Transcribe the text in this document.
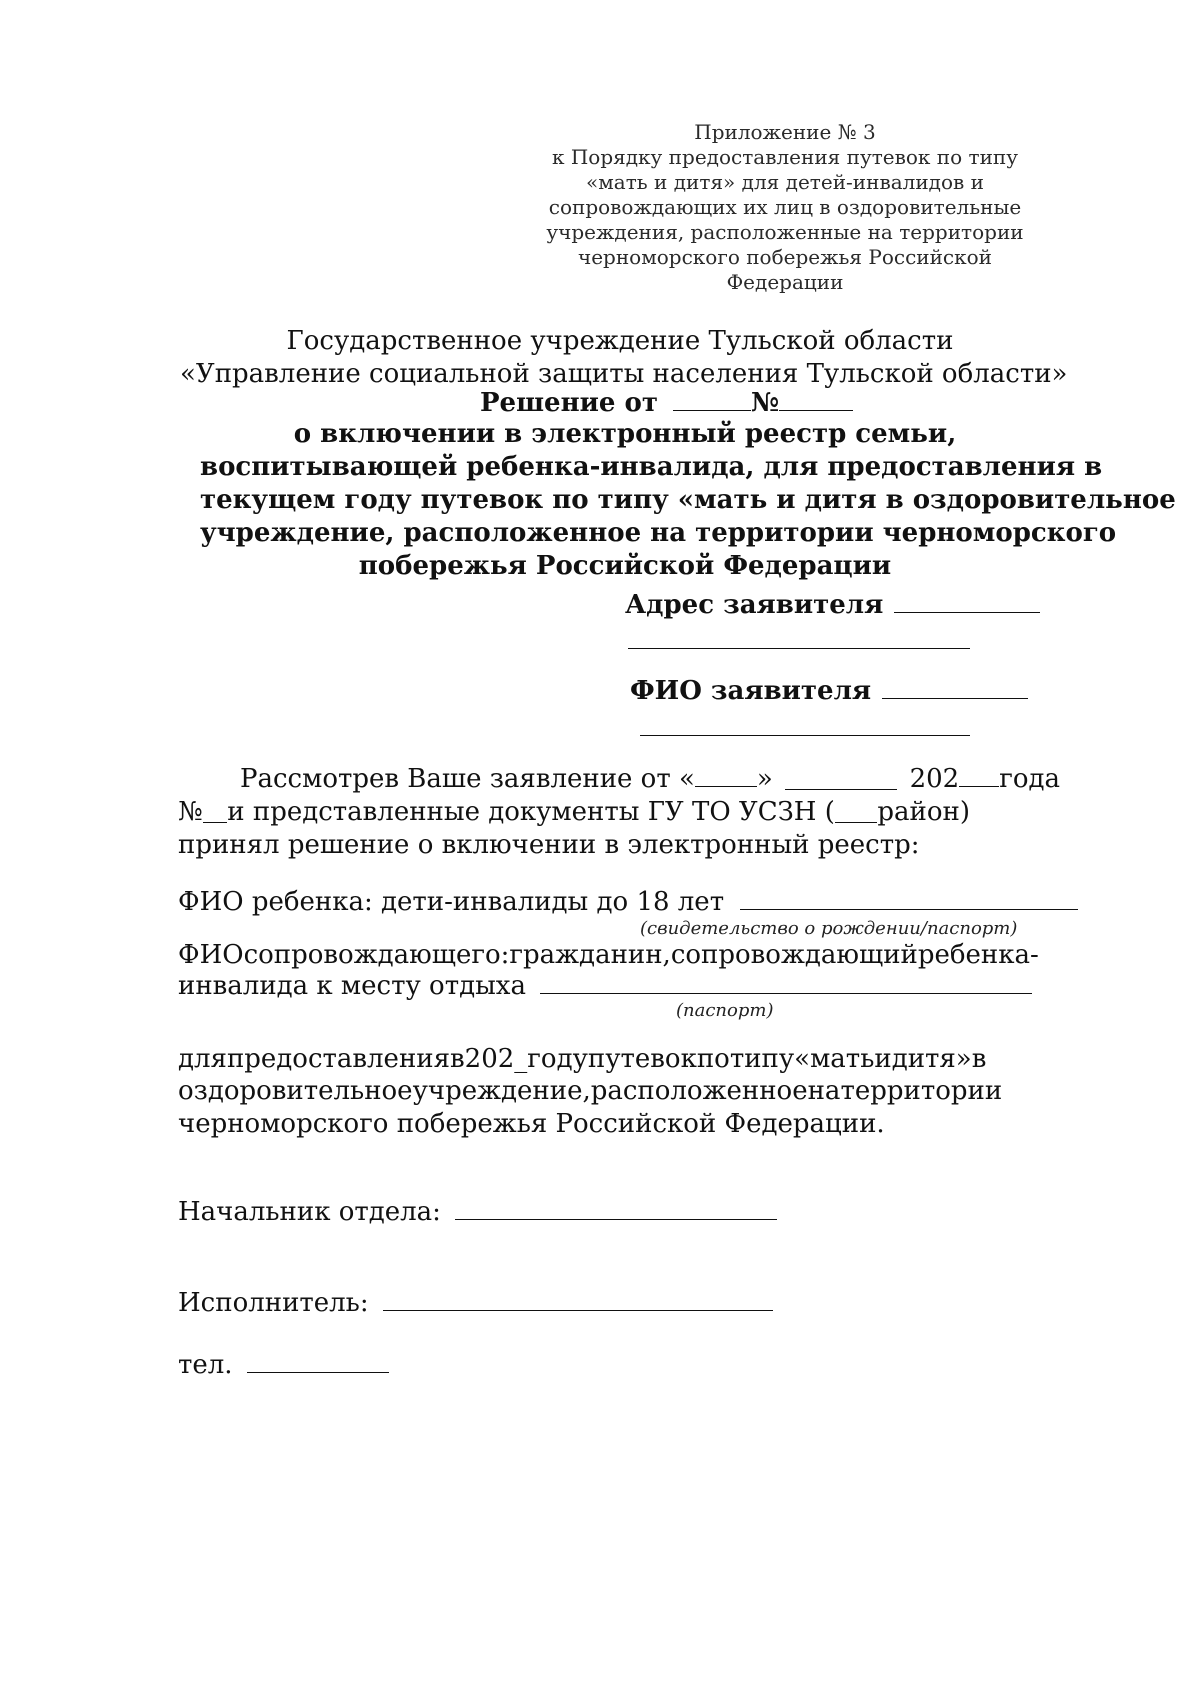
Приложение № 3
к Порядку предоставления путевок по типу
«мать и дитя» для детей-инвалидов и
сопровождающих их лиц в оздоровительные
учреждения, расположенные на территории
черноморского побережья Российской
Федерации
Государственное учреждение Тульской области
«Управление социальной защиты населения Тульской области»
Решение от	№
о включении в электронный реестр семьи,
воспитывающей ребенка-инвалида, для предоставления в
текущем году путевок по типу «мать и дитя в оздоровительное
учреждение, расположенное на территории черноморского
побережья Российской Федерации
Адрес заявителя
ФИО заявителя
Рассмотрев Ваше заявление от « »	202 года
№ и представленные документы ГУ ТО УСЗН ( район)
принял решение о включении в электронный реестр:
ФИО ребенка: дети-инвалиды до 18 лет
(свидетельство о рождении/паспорт)
ФИО сопровождающего: гражданин, сопровождающий ребенка-
инвалида к месту отдыха
(паспорт)
для предоставления в 202_ году путевок по типу «мать и дитя» в
оздоровительное учреждение, расположенное на территории
черноморского побережья Российской Федерации.
Начальник отдела:
Исполнитель:
тел.
